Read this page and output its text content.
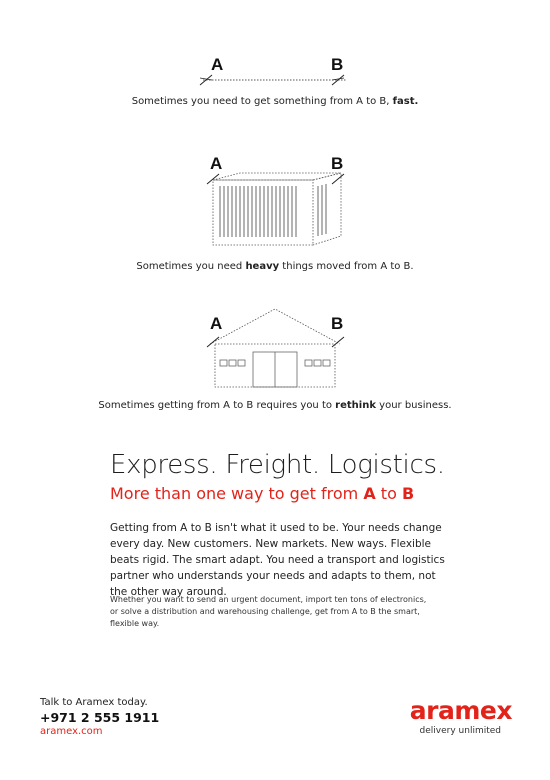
A	B
Sometimes you need to get something from A to B, fast.
A	B
Sometimes you need heavy things moved from A to B.
A	B
Sometimes getting from A to B requires you to rethink your business.
Express. Freight. Logistics.
More than one way to get from A to B
Getting from A to B isn't what it used to be. Your needs change every day. New customers. New markets. New ways. Flexible beats rigid. The smart adapt. You need a transport and logistics partner who understands your needs and adapts to them, not the other way around.
Whether you want to send an urgent document, import ten tons of electronics, or solve a distribution and warehousing challenge, get from A to B the smart, flexible way.
Talk to Aramex today.
+971 2 555 1911
aramex.com
aramex
delivery unlimited
